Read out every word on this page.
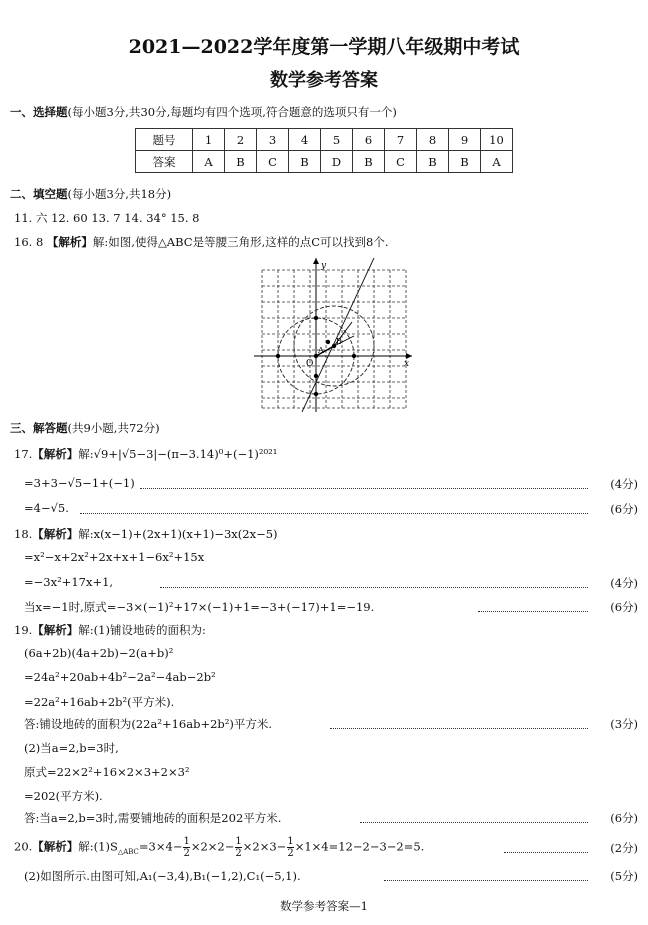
2021—2022学年度第一学期八年级期中考试
数学参考答案
一、选择题(每小题3分,共30分,每题均有四个选项,符合题意的选项只有一个)
题号	1	2	3	4	5	6	7	8	9	10
答案	A	B	C	B	D	B	C	B	B	A
二、填空题(每小题3分,共18分)
11. 六 12. 60 13. 7 14. 34° 15. 8
16. 8 【解析】解:如图,使得△ABC是等腰三角形,这样的点C可以找到8个.
y
x
O
A
B
三、解答题(共9小题,共72分)
17.【解析】解:√9+|√5−3|−(π−3.14)⁰+(−1)²⁰²¹
=3+3−√5−1+(−1)	(4分)
=4−√5.	(6分)
18.【解析】解:x(x−1)+(2x+1)(x+1)−3x(2x−5)
=x²−x+2x²+2x+x+1−6x²+15x
=−3x²+17x+1,	(4分)
当x=−1时,原式=−3×(−1)²+17×(−1)+1=−3+(−17)+1=−19.	(6分)
19.【解析】解:(1)铺设地砖的面积为:
(6a+2b)(4a+2b)−2(a+b)²
=24a²+20ab+4b²−2a²−4ab−2b²
=22a²+16ab+2b²(平方米).
答:铺设地砖的面积为(22a²+16ab+2b²)平方米.	(3分)
(2)当a=2,b=3时,
原式=22×2²+16×2×3+2×3²
=202(平方米).
答:当a=2,b=3时,需要铺地砖的面积是202平方米.	(6分)
20.【解析】解$:(1)S_{\triangle ABC}=3\times 4- \frac{1}{2} \times 2\times 2- \frac{1}{2} \times 2\times 3- \frac{1}{2} \times 1\times 4=12-2-3-2=5$.	(2分)
(2)如图所示.由图可知,A₁(−3,4),B₁(−1,2),C₁(−5,1).	(5分)
数学参考答案—1
